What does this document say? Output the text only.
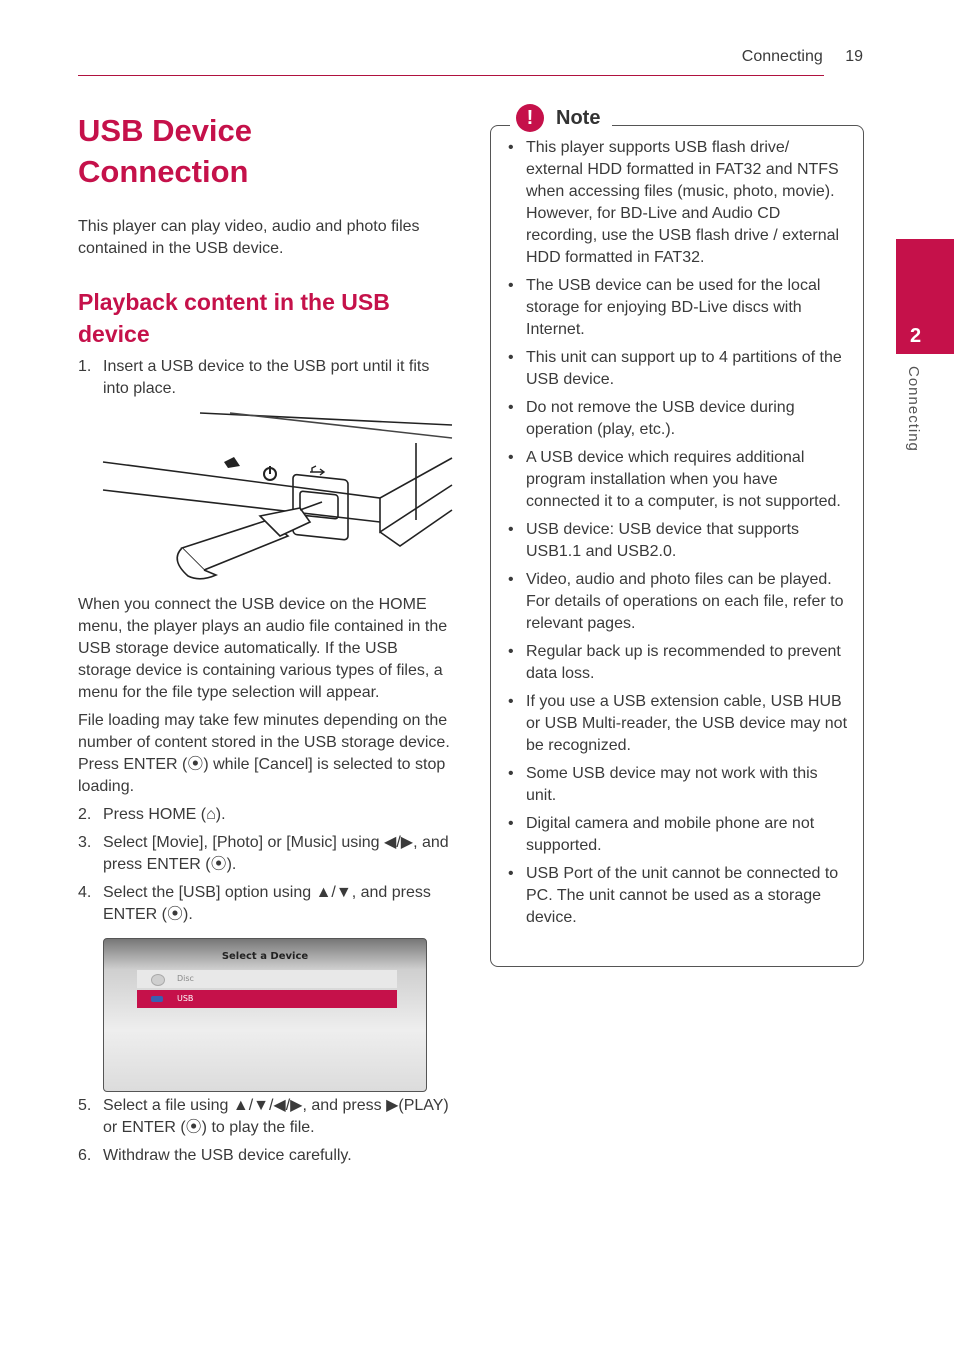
Connecting 19
2
Connecting
USB Device Connection

This player can play video, audio and photo files contained in the USB device.

Playback content in the USB device
1. Insert a USB device to the USB port until it fits into place.

When you connect the USB device on the HOME menu, the player plays an audio file contained in the USB storage device automatically. If the USB storage device is containing various types of files, a menu for the file type selection will appear.

File loading may take few minutes depending on the number of content stored in the USB storage device. Press ENTER (⦿) while [Cancel] is selected to stop loading.

2. Press HOME (⌂).
3. Select [Movie], [Photo] or [Music] using ◀/▶, and press ENTER (⦿).
4. Select the [USB] option using ▲/▼, and press ENTER (⦿).
Select a Device
Disc
USB
5. Select a file using ▲/▼/◀/▶, and press ▶(PLAY) or ENTER (⦿) to play the file.
6. Withdraw the USB device carefully.
!	Note
• This player supports USB flash drive/ external HDD formatted in FAT32 and NTFS when accessing files (music, photo, movie). However, for BD-Live and Audio CD recording, use the USB flash drive / external HDD formatted in FAT32.
• The USB device can be used for the local storage for enjoying BD-Live discs with Internet.
• This unit can support up to 4 partitions of the USB device.
• Do not remove the USB device during operation (play, etc.).
• A USB device which requires additional program installation when you have connected it to a computer, is not supported.
• USB device: USB device that supports USB1.1 and USB2.0.
• Video, audio and photo files can be played. For details of operations on each file, refer to relevant pages.
• Regular back up is recommended to prevent data loss.
• If you use a USB extension cable, USB HUB or USB Multi-reader, the USB device may not be recognized.
• Some USB device may not work with this unit.
• Digital camera and mobile phone are not supported.
• USB Port of the unit cannot be connected to PC. The unit cannot be used as a storage device.
